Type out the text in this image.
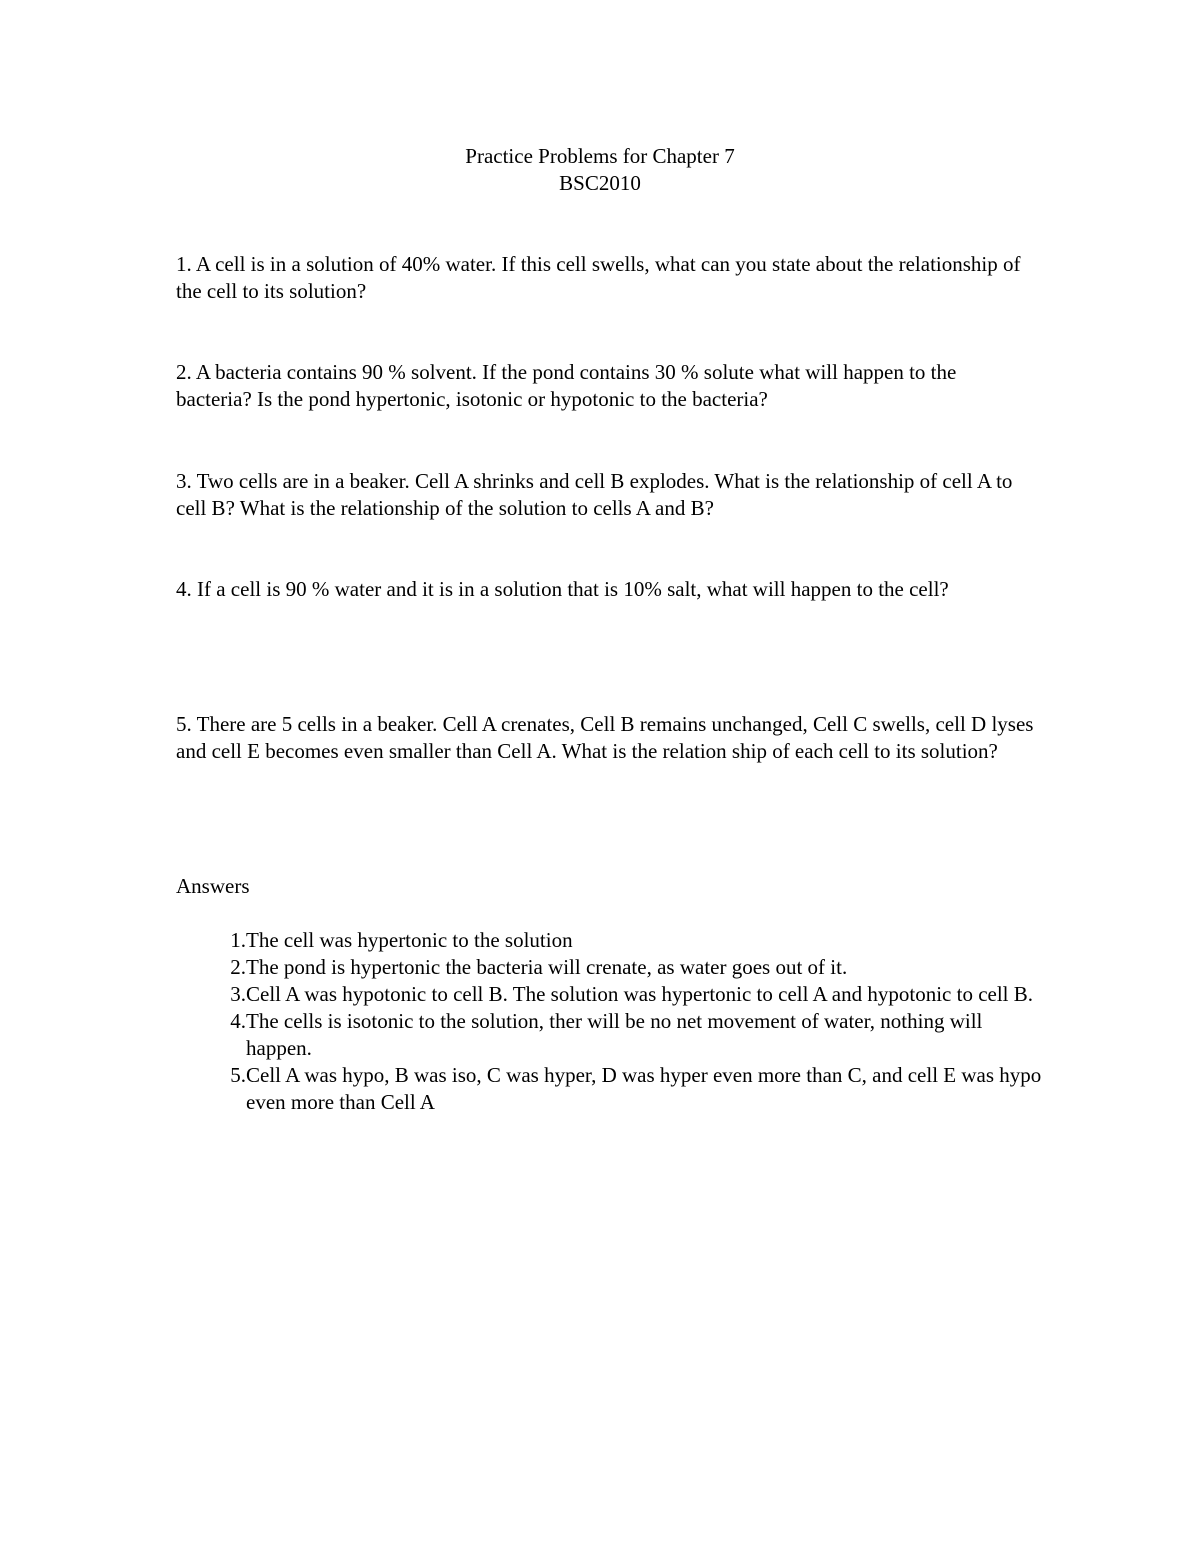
Practice Problems for Chapter 7
BSC2010
1. A cell is in a solution of 40% water. If this cell swells, what can you state about the relationship of the cell to its solution?
2. A bacteria contains 90 % solvent. If the pond contains 30 % solute what will happen to the bacteria? Is the pond hypertonic, isotonic or hypotonic to the bacteria?
3. Two cells are in a beaker. Cell A shrinks and cell B explodes. What is the relationship of cell A to cell B? What is the relationship of the solution to cells A and B?
4. If a cell is 90 % water and it is in a solution that is 10% salt, what will happen to the cell?
5. There are 5 cells in a beaker. Cell A crenates, Cell B remains unchanged, Cell C swells, cell D lyses and cell E becomes even smaller than Cell A. What is the relation ship of each cell to its solution?
Answers
1. The cell was hypertonic to the solution
2. The pond is hypertonic the bacteria will crenate, as water goes out of it.
3. Cell A was hypotonic to cell B. The solution was hypertonic to cell A and hypotonic to cell B.
4. The cells is isotonic to the solution, ther will be no net movement of water, nothing will happen.
5. Cell A was hypo, B was iso, C was hyper, D was hyper even more than C, and cell E was hypo even more than Cell A
